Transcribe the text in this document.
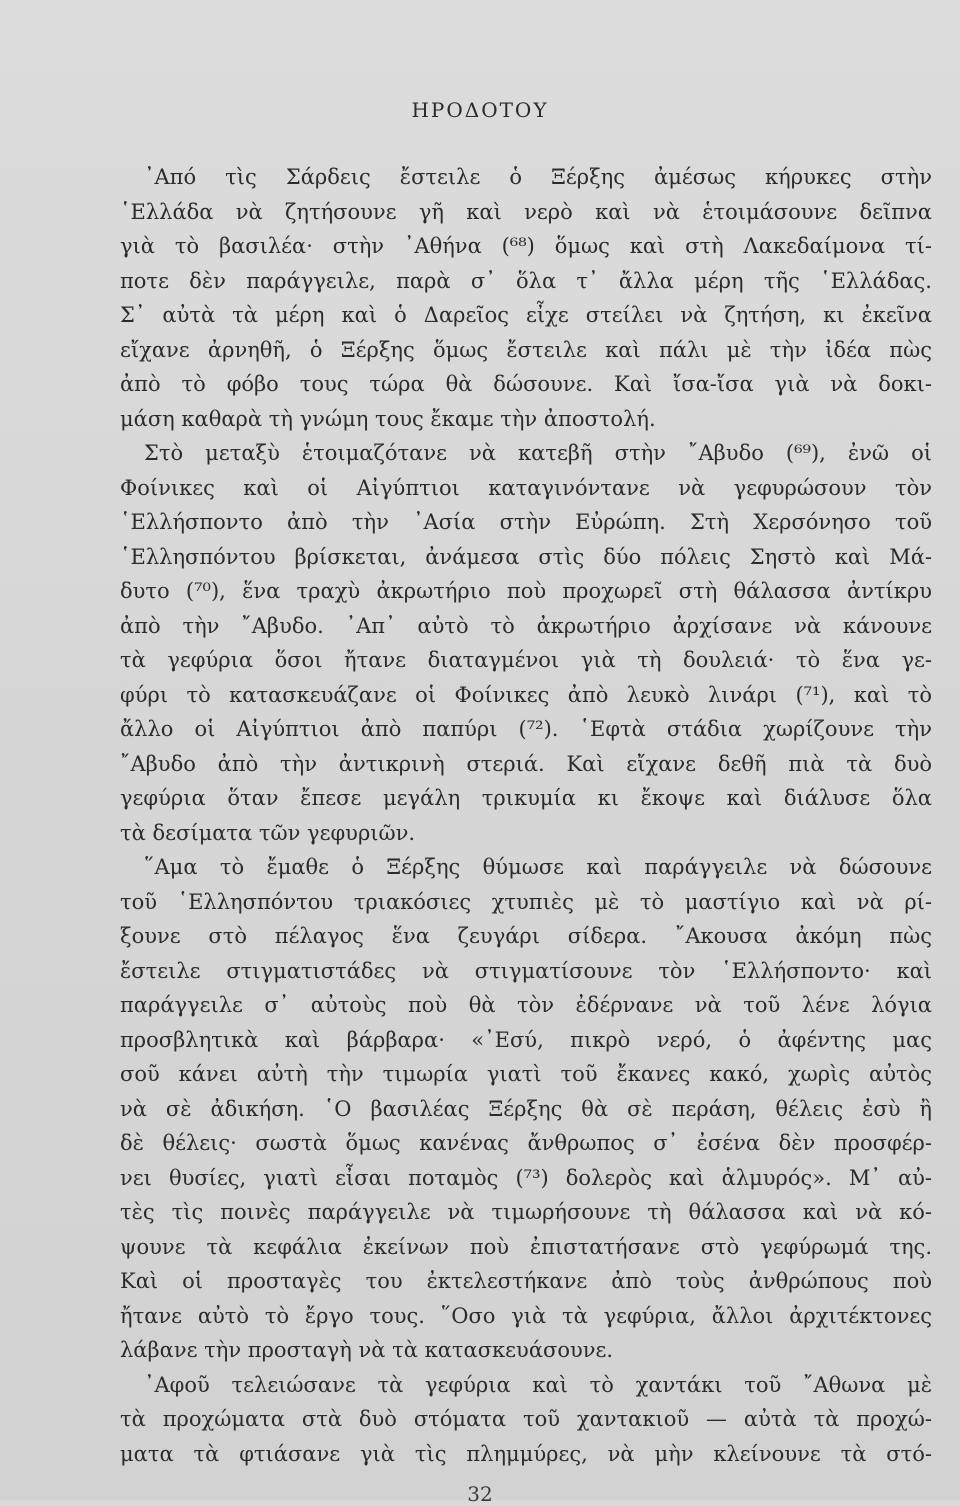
ΗΡΟΔΟΤΟΥ
᾿Από τὶς Σάρδεις ἔστειλε ὁ Ξέρξης ἀμέσως κήρυκες στὴν
῾Ελλάδα νὰ ζητήσουνε γῆ καὶ νερὸ καὶ νὰ ἑτοιμάσουνε δεῖπνα
γιὰ τὸ βασιλέα· στὴν ᾿Αθήνα (⁶⁸) ὅμως καὶ στὴ Λακεδαίμονα τί-
ποτε δὲν παράγγειλε, παρὰ σ᾿ ὅλα τ᾿ ἄλλα μέρη τῆς ῾Ελλάδας.
Σ᾿ αὐτὰ τὰ μέρη καὶ ὁ Δαρεῖος εἶχε στείλει νὰ ζητήση, κι ἐκεῖνα
εἴχανε ἀρνηθῆ, ὁ Ξέρξης ὅμως ἔστειλε καὶ πάλι μὲ τὴν ἰδέα πὼς
ἀπὸ τὸ φόβο τους τώρα θὰ δώσουνε. Καὶ ἴσα-ἴσα γιὰ νὰ δοκι-
μάση καθαρὰ τὴ γνώμη τους ἔκαμε τὴν ἀποστολή.
Στὸ μεταξὺ ἑτοιμαζότανε νὰ κατεβῆ στὴν ῎Αβυδο (⁶⁹), ἐνῶ οἱ
Φοίνικες καὶ οἱ Αἰγύπτιοι καταγινόντανε νὰ γεφυρώσουν τὸν
῾Ελλήσποντο ἀπὸ τὴν ᾿Ασία στὴν Εὐρώπη. Στὴ Χερσόνησο τοῦ
῾Ελλησπόντου βρίσκεται, ἀνάμεσα στὶς δύο πόλεις Σηστὸ καὶ Μά-
δυτο (⁷⁰), ἕνα τραχὺ ἀκρωτήριο ποὺ προχωρεῖ στὴ θάλασσα ἀντίκρυ
ἀπὸ τὴν ῎Αβυδο. ᾿Απ᾿ αὐτὸ τὸ ἀκρωτήριο ἀρχίσανε νὰ κάνουνε
τὰ γεφύρια ὅσοι ἤτανε διαταγμένοι γιὰ τὴ δουλειά· τὸ ἕνα γε-
φύρι τὸ κατασκευάζανε οἱ Φοίνικες ἀπὸ λευκὸ λινάρι (⁷¹), καὶ τὸ
ἄλλο οἱ Αἰγύπτιοι ἀπὸ παπύρι (⁷²). ῾Εφτὰ στάδια χωρίζουνε τὴν
῎Αβυδο ἀπὸ τὴν ἀντικρινὴ στεριά. Καὶ εἴχανε δεθῆ πιὰ τὰ δυὸ
γεφύρια ὅταν ἔπεσε μεγάλη τρικυμία κι ἔκοψε καὶ διάλυσε ὅλα
τὰ δεσίματα τῶν γεφυριῶν.
῞Αμα τὸ ἔμαθε ὁ Ξέρξης θύμωσε καὶ παράγγειλε νὰ δώσουνε
τοῦ ῾Ελλησπόντου τριακόσιες χτυπιὲς μὲ τὸ μαστίγιο καὶ νὰ ρί-
ξουνε στὸ πέλαγος ἕνα ζευγάρι σίδερα. ῎Ακουσα ἀκόμη πὼς
ἔστειλε στιγματιστάδες νὰ στιγματίσουνε τὸν ῾Ελλήσποντο· καὶ
παράγγειλε σ᾿ αὐτοὺς ποὺ θὰ τὸν ἐδέρνανε νὰ τοῦ λένε λόγια
προσβλητικὰ καὶ βάρβαρα· «᾿Εσύ, πικρὸ νερό, ὁ ἀφέντης μας
σοῦ κάνει αὐτὴ τὴν τιμωρία γιατὶ τοῦ ἔκανες κακό, χωρὶς αὐτὸς
νὰ σὲ ἀδικήση. ῾Ο βασιλέας Ξέρξης θὰ σὲ περάση, θέλεις ἐσὺ ἢ
δὲ θέλεις· σωστὰ ὅμως κανένας ἄνθρωπος σ᾿ ἐσένα δὲν προσφέρ-
νει θυσίες, γιατὶ εἶσαι ποταμὸς (⁷³) δολερὸς καὶ ἁλμυρός». Μ᾿ αὐ-
τὲς τὶς ποινὲς παράγγειλε νὰ τιμωρήσουνε τὴ θάλασσα καὶ νὰ κό-
ψουνε τὰ κεφάλια ἐκείνων ποὺ ἐπιστατήσανε στὸ γεφύρωμά της.
Καὶ οἱ προσταγὲς του ἐκτελεστήκανε ἀπὸ τοὺς ἀνθρώπους ποὺ
ἤτανε αὐτὸ τὸ ἔργο τους. ῞Οσο γιὰ τὰ γεφύρια, ἄλλοι ἀρχιτέκτονες
λάβανε τὴν προσταγὴ νὰ τὰ κατασκευάσουνε.
᾿Αφοῦ τελειώσανε τὰ γεφύρια καὶ τὸ χαντάκι τοῦ ῎Αθωνα μὲ
τὰ προχώματα στὰ δυὸ στόματα τοῦ χαντακιοῦ — αὐτὰ τὰ προχώ-
ματα τὰ φτιάσανε γιὰ τὶς πλημμύρες, νὰ μὴν κλείνουνε τὰ στό-
32
